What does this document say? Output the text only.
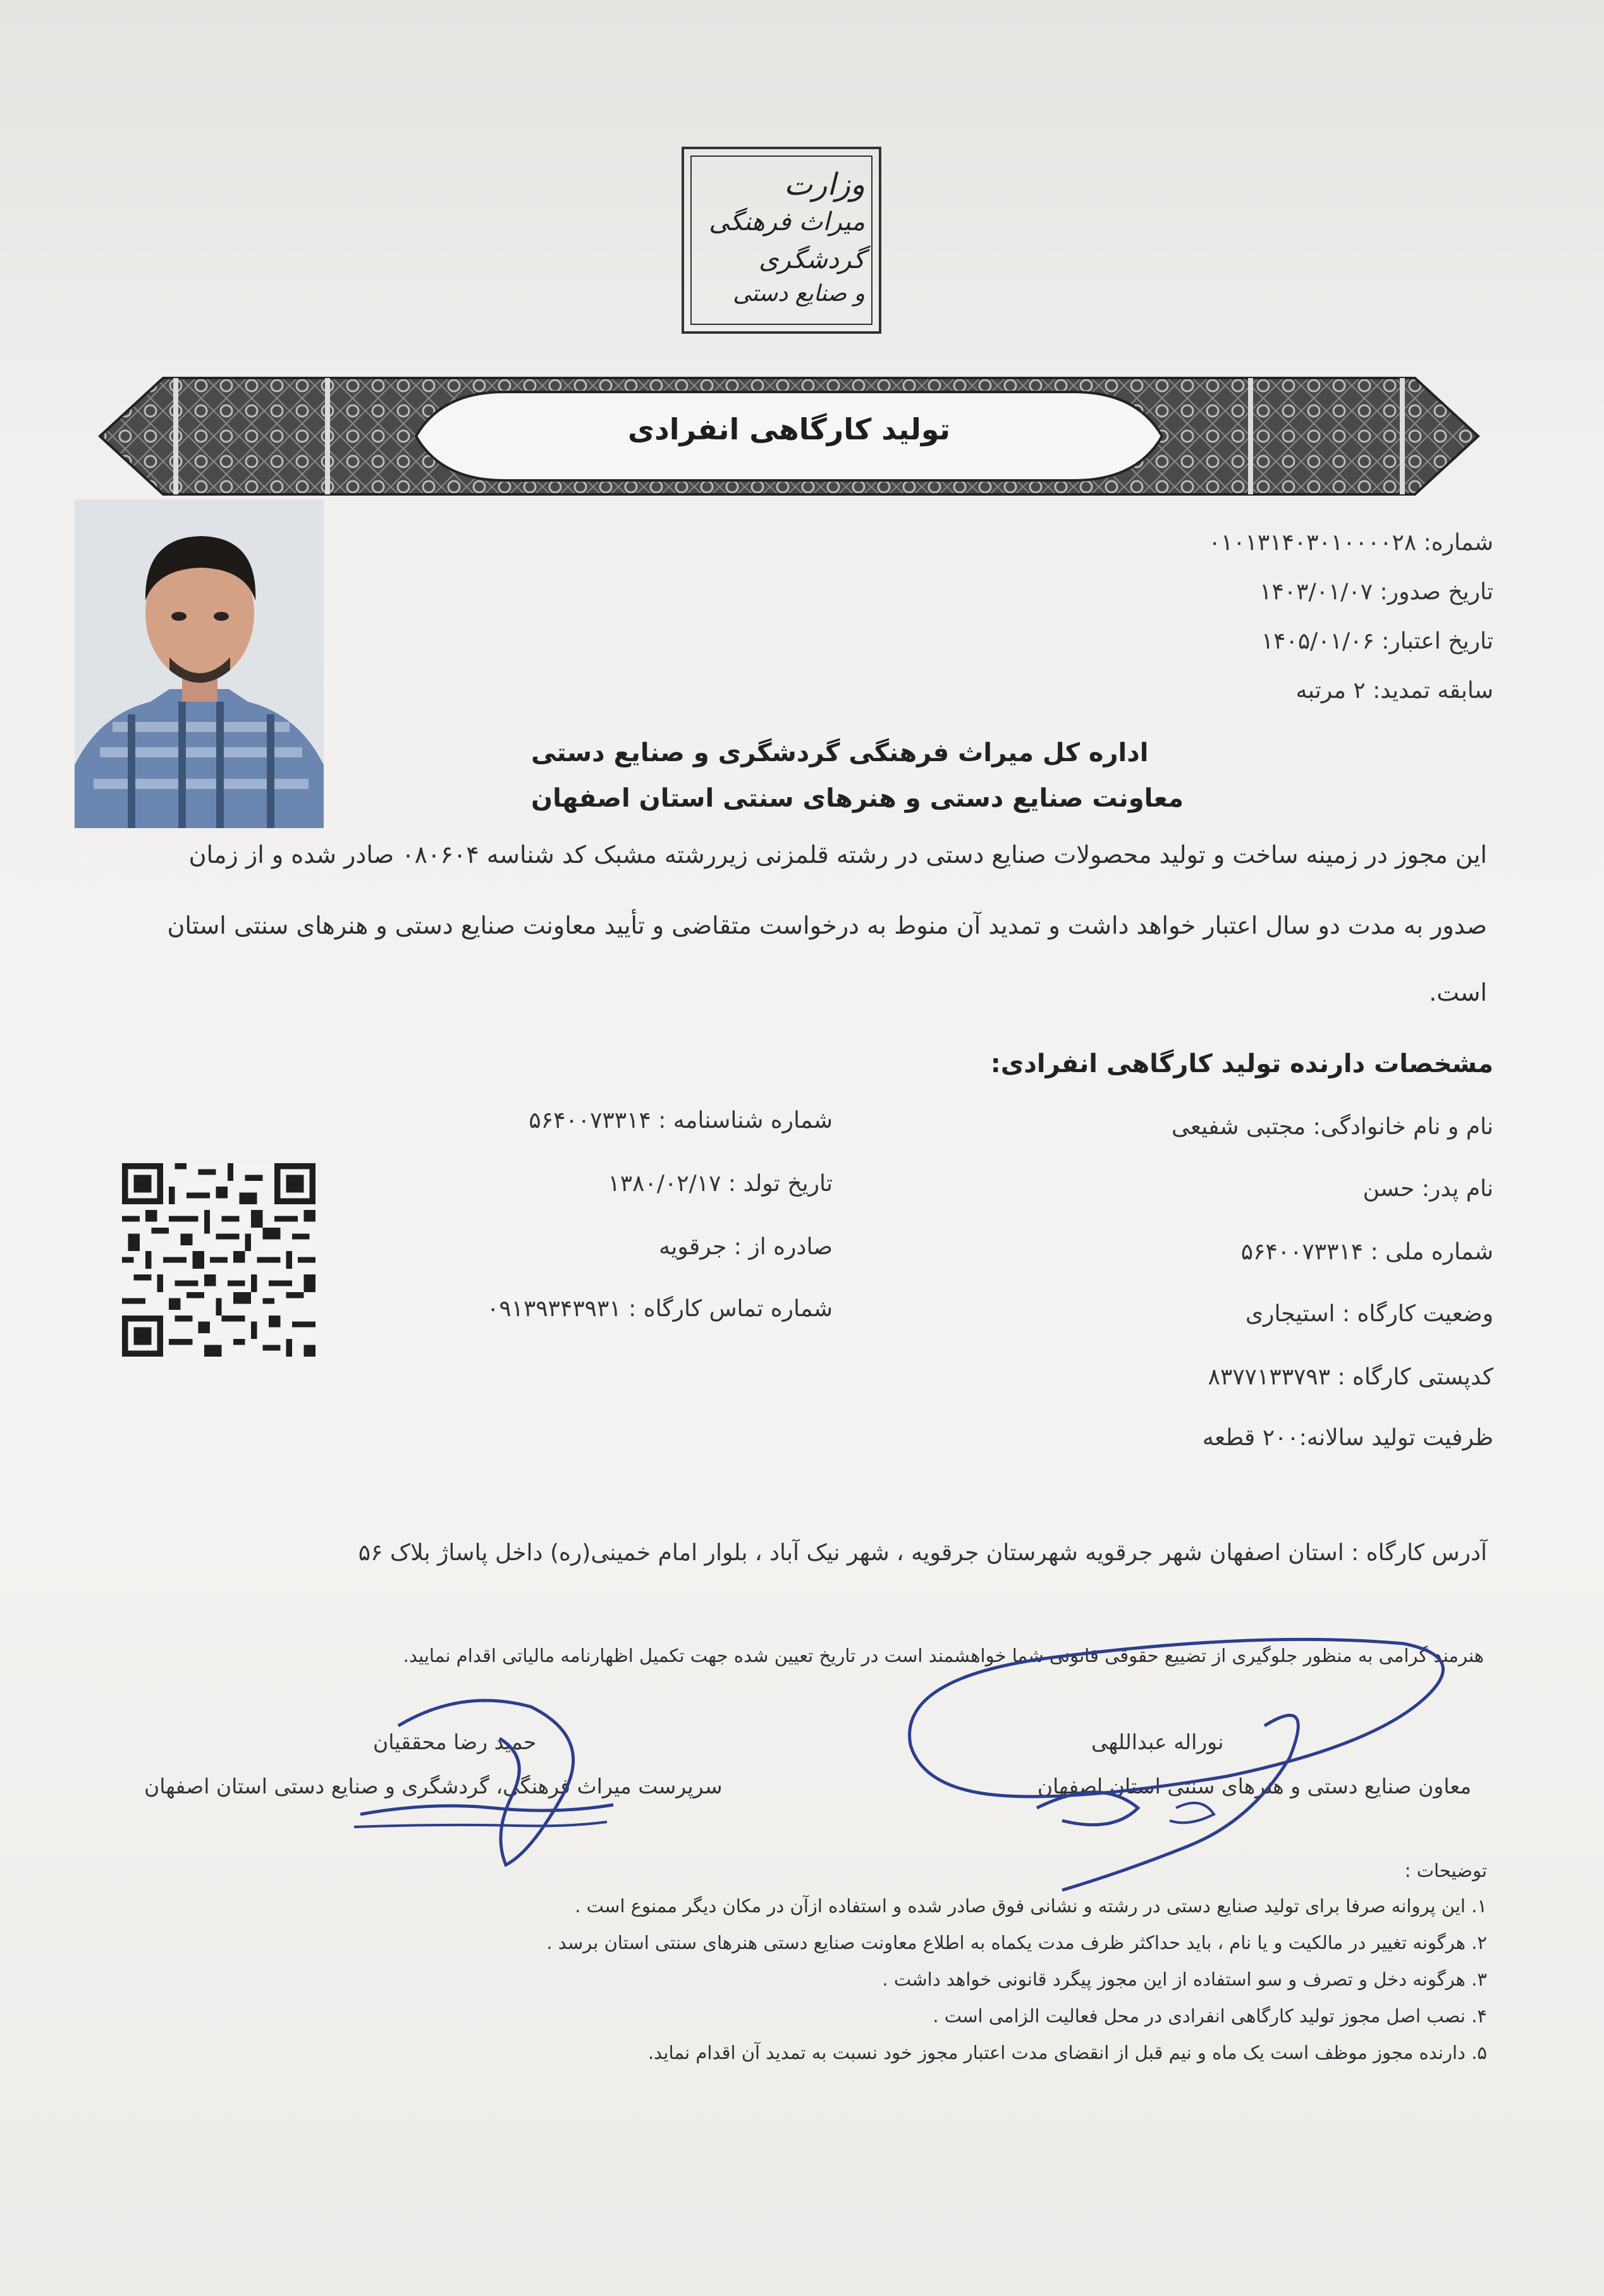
وزارت
میراث فرهنگی
گردشگری
و صنایع دستی
تولید کارگاهی انفرادی
شماره: ۰۱۰۱۳۱۴۰۳۰۱۰۰۰۰۲۸
تاریخ صدور: ۱۴۰۳/۰۱/۰۷
تاریخ اعتبار: ۱۴۰۵/۰۱/۰۶
سابقه تمدید: ۲ مرتبه
اداره کل میراث فرهنگی گردشگری و صنایع دستی
معاونت صنایع دستی و هنرهای سنتی استان اصفهان
این مجوز در زمینه ساخت و تولید محصولات صنایع دستی در رشته قلمزنی زیررشته مشبک کد شناسه ۰۸۰۶۰۴ صادر شده و از زمان
صدور به مدت دو سال اعتبار خواهد داشت و تمدید آن منوط به درخواست متقاضی و تأیید معاونت صنایع دستی و هنرهای سنتی استان
است.
مشخصات دارنده تولید کارگاهی انفرادی:
نام و نام خانوادگی: مجتبی شفیعی
نام پدر: حسن
شماره ملی : ۵۶۴۰۰۷۳۳۱۴
وضعیت کارگاه : استیجاری
کدپستی کارگاه : ۸۳۷۷۱۳۳۷۹۳
ظرفیت تولید سالانه:۲۰۰ قطعه
شماره شناسنامه : ۵۶۴۰۰۷۳۳۱۴
تاریخ تولد : ۱۳۸۰/۰۲/۱۷
صادره از : جرقویه
شماره تماس کارگاه : ۰۹۱۳۹۳۴۳۹۳۱
آدرس کارگاه : استان اصفهان شهر جرقویه شهرستان جرقویه ، شهر نیک آباد ، بلوار امام خمینی(ره) داخل پاساژ بلاک ۵۶
هنرمند گرامی به منظور جلوگیری از تضییع حقوقی قانونی شما خواهشمند است در تاریخ تعیین شده جهت تکمیل اظهارنامه مالیاتی اقدام نمایید.
نوراله عبداللهی
معاون صنایع دستی و هنرهای سنتی استان اصفهان
حمید رضا محققیان
سرپرست میراث فرهنگی، گردشگری و صنایع دستی استان اصفهان
توضیحات :
۱. این پروانه صرفا برای تولید صنایع دستی در رشته و نشانی فوق صادر شده و استفاده ازآن در مکان دیگر ممنوع است .
۲. هرگونه تغییر در مالکیت و یا نام ، باید حداکثر ظرف مدت یکماه به اطلاع معاونت صنایع دستی هنرهای سنتی استان برسد .
۳. هرگونه دخل و تصرف و سو استفاده از این مجوز پیگرد قانونی خواهد داشت .
۴. نصب اصل مجوز تولید کارگاهی انفرادی در محل فعالیت الزامی است .
۵. دارنده مجوز موظف است یک ماه و نیم قبل از انقضای مدت اعتبار مجوز خود نسبت به تمدید آن اقدام نماید.
